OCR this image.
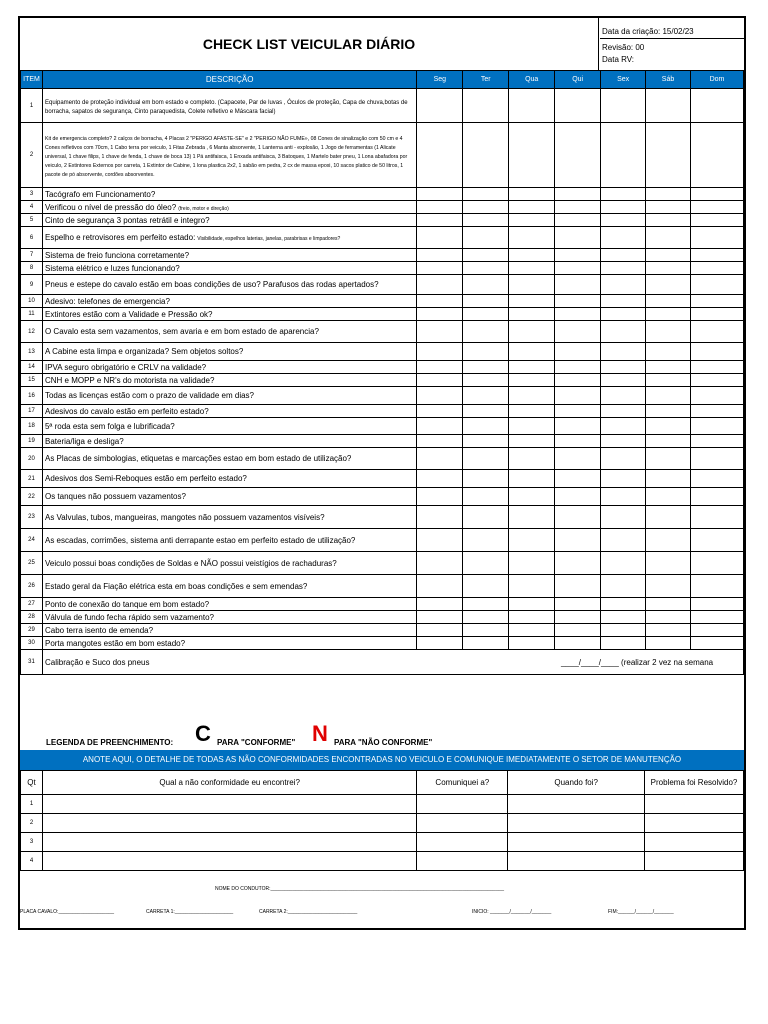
CHECK LIST VEICULAR DIÁRIO
Data da criação: 15/02/23
Revisão: 00
Data RV:
ITEM	DESCRIÇÃO	Seg	Ter	Qua	Qui	Sex	Sáb	Dom
1	Equipamento de proteção individual em bom estado e completo. (Capacete, Par de luvas , Óculos de proteção, Capa de chuva,botas de borracha, sapatos de segurança, Cinto paraquedista, Colete refletivo e Máscara facial)							
2	Kit de emergencia completo? 2 calços de borracha, 4 Placas 2 "PERIGO AFASTE-SE" e 2 "PERIGO NÃO FUME», 08 Cones de sinalização com 50 cm e 4 Cones refletivos com 70cm, 1 Cabo terra por veiculo, 1 Fitas Zebrada , 6 Manta absorvente, 1 Lanterna anti - explosão, 1 Jogo de ferramentas (1 Alicate universal, 1 chave filips, 1 chave de fenda, 1 chave de boca 13) 1 Pá antifaisca, 1 Enxada antifaisca, 3 Batoques, 1 Martelo bater pneu, 1 Lona abafadora por veiculo, 2 Extintores Externos por carreta, 1 Extintor de Cabine, 1 lona plastica 2x2, 1 sabão em pedra, 2 cx de massa epoxi, 10 sacos platico de 50 litros, 1 pacote de pó absorvente, cordões absorventes.							
3	Tacógrafo em Funcionamento?							
4	Verificou o nível de pressão do óleo? (freio, motor e direção)							
5	Cinto de segurança 3 pontas retrátil e integro?							
6	Espelho e retrovisores em perfeito estado: Visibilidade, espelhos laterias, janelas, parabrisas e limpadores?							
7	Sistema de freio funciona corretamente?							
8	Sistema elétrico e luzes funcionando?							
9	Pneus e estepe do cavalo estão em boas condições de uso? Parafusos das rodas apertados?							
10	Adesivo: telefones de emergencia?							
11	Extintores estão com a Validade e Pressão ok?							
12	O Cavalo esta sem vazamentos, sem avaria e em bom estado de aparencia?							
13	A Cabine esta limpa e organizada? Sem objetos soltos?							
14	IPVA seguro obrigatório e CRLV na validade?							
15	CNH e MOPP e NR's do motorista na validade?							
16	Todas as licenças estão com o prazo de validade em dias?							
17	Adesivos do cavalo estão em perfeito estado?							
18	5ª roda esta sem folga e lubrificada?							
19	Bateria/liga e desliga?							
20	As Placas de simbologias, etiquetas e marcações estao em bom estado de utilização?							
21	Adesivos dos Semi-Reboques estão em perfeito estado?							
22	Os tanques não possuem vazamentos?							
23	As Valvulas, tubos, mangueiras, mangotes não possuem vazamentos visíveis?							
24	As escadas, corrimões, sistema anti derrapante estao em perfeito estado de utilização?							
25	Veiculo possui boas condições de Soldas e NÃO possui veistígios de rachaduras?							
26	Estado geral da Fiação elétrica esta em boas condições e sem emendas?							
27	Ponto de conexão do tanque em bom estado?							
28	Válvula de fundo fecha rápido sem vazamento?							
29	Cabo terra isento de emenda?							
30	Porta mangotes estão em bom estado?							
31	Calibração e Suco dos pneus ____/____/____ (realizar 2 vez na semana							
LEGENDA DE PREENCHIMENTO: C PARA "CONFORME" N PARA "NÃO CONFORME"
ANOTE AQUI, O DETALHE DE TODAS AS NÃO CONFORMIDADES ENCONTRADAS NO VEICULO E COMUNIQUE IMEDIATAMENTE O SETOR DE MANUTENÇÃO
Qt	Qual a não conformidade eu encontrei?	Comuniquei a?	Quando foi?	Problema foi Resolvido?
1				
2				
3				
4				
NOME DO CONDUTOR:____________________________________________________________________________________
PLACA CAVALO:____________________	CARRETA 1:_____________________	CARRETA 2:_________________________	INICIO: _______/_______/_______	FIM:______/______/_______
